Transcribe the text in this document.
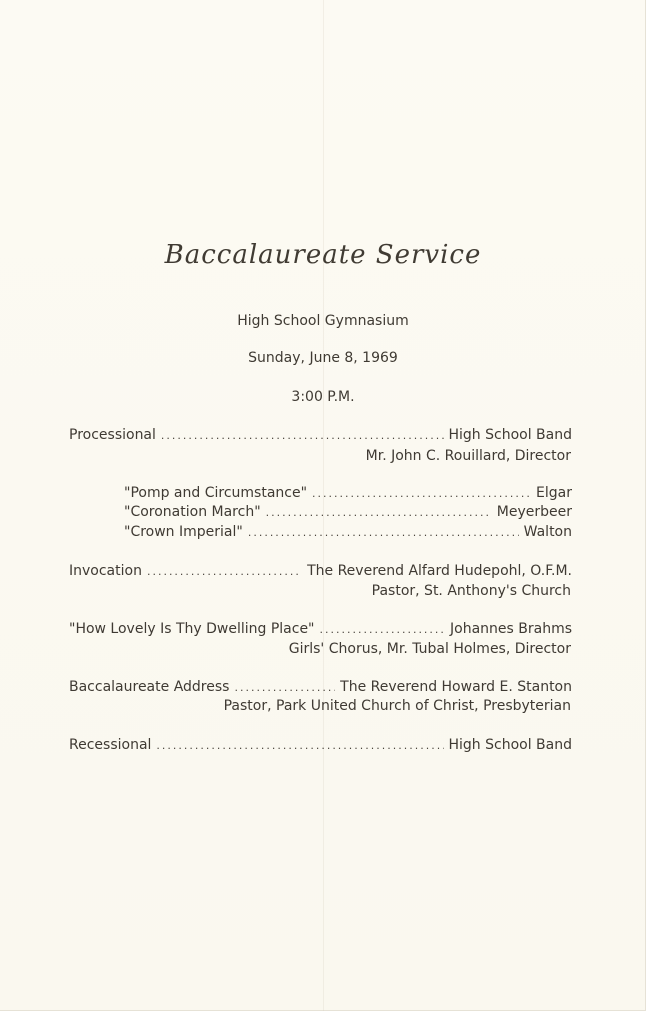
Baccalaureate Service
High School Gymnasium
Sunday, June 8, 1969
3:00 P.M.
Processional .....	High School Band
Mr. John C. Rouillard, Director
"Pomp and Circumstance" .....	Elgar
"Coronation March" .....	Meyerbeer
"Crown Imperial" .....	Walton
Invocation .....	The Reverend Alfard Hudepohl, O.F.M.
Pastor, St. Anthony's Church
"How Lovely Is Thy Dwelling Place" .....	Johannes Brahms
Girls' Chorus, Mr. Tubal Holmes, Director
Baccalaureate Address .....	The Reverend Howard E. Stanton
Pastor, Park United Church of Christ, Presbyterian
Recessional .....	High School Band
